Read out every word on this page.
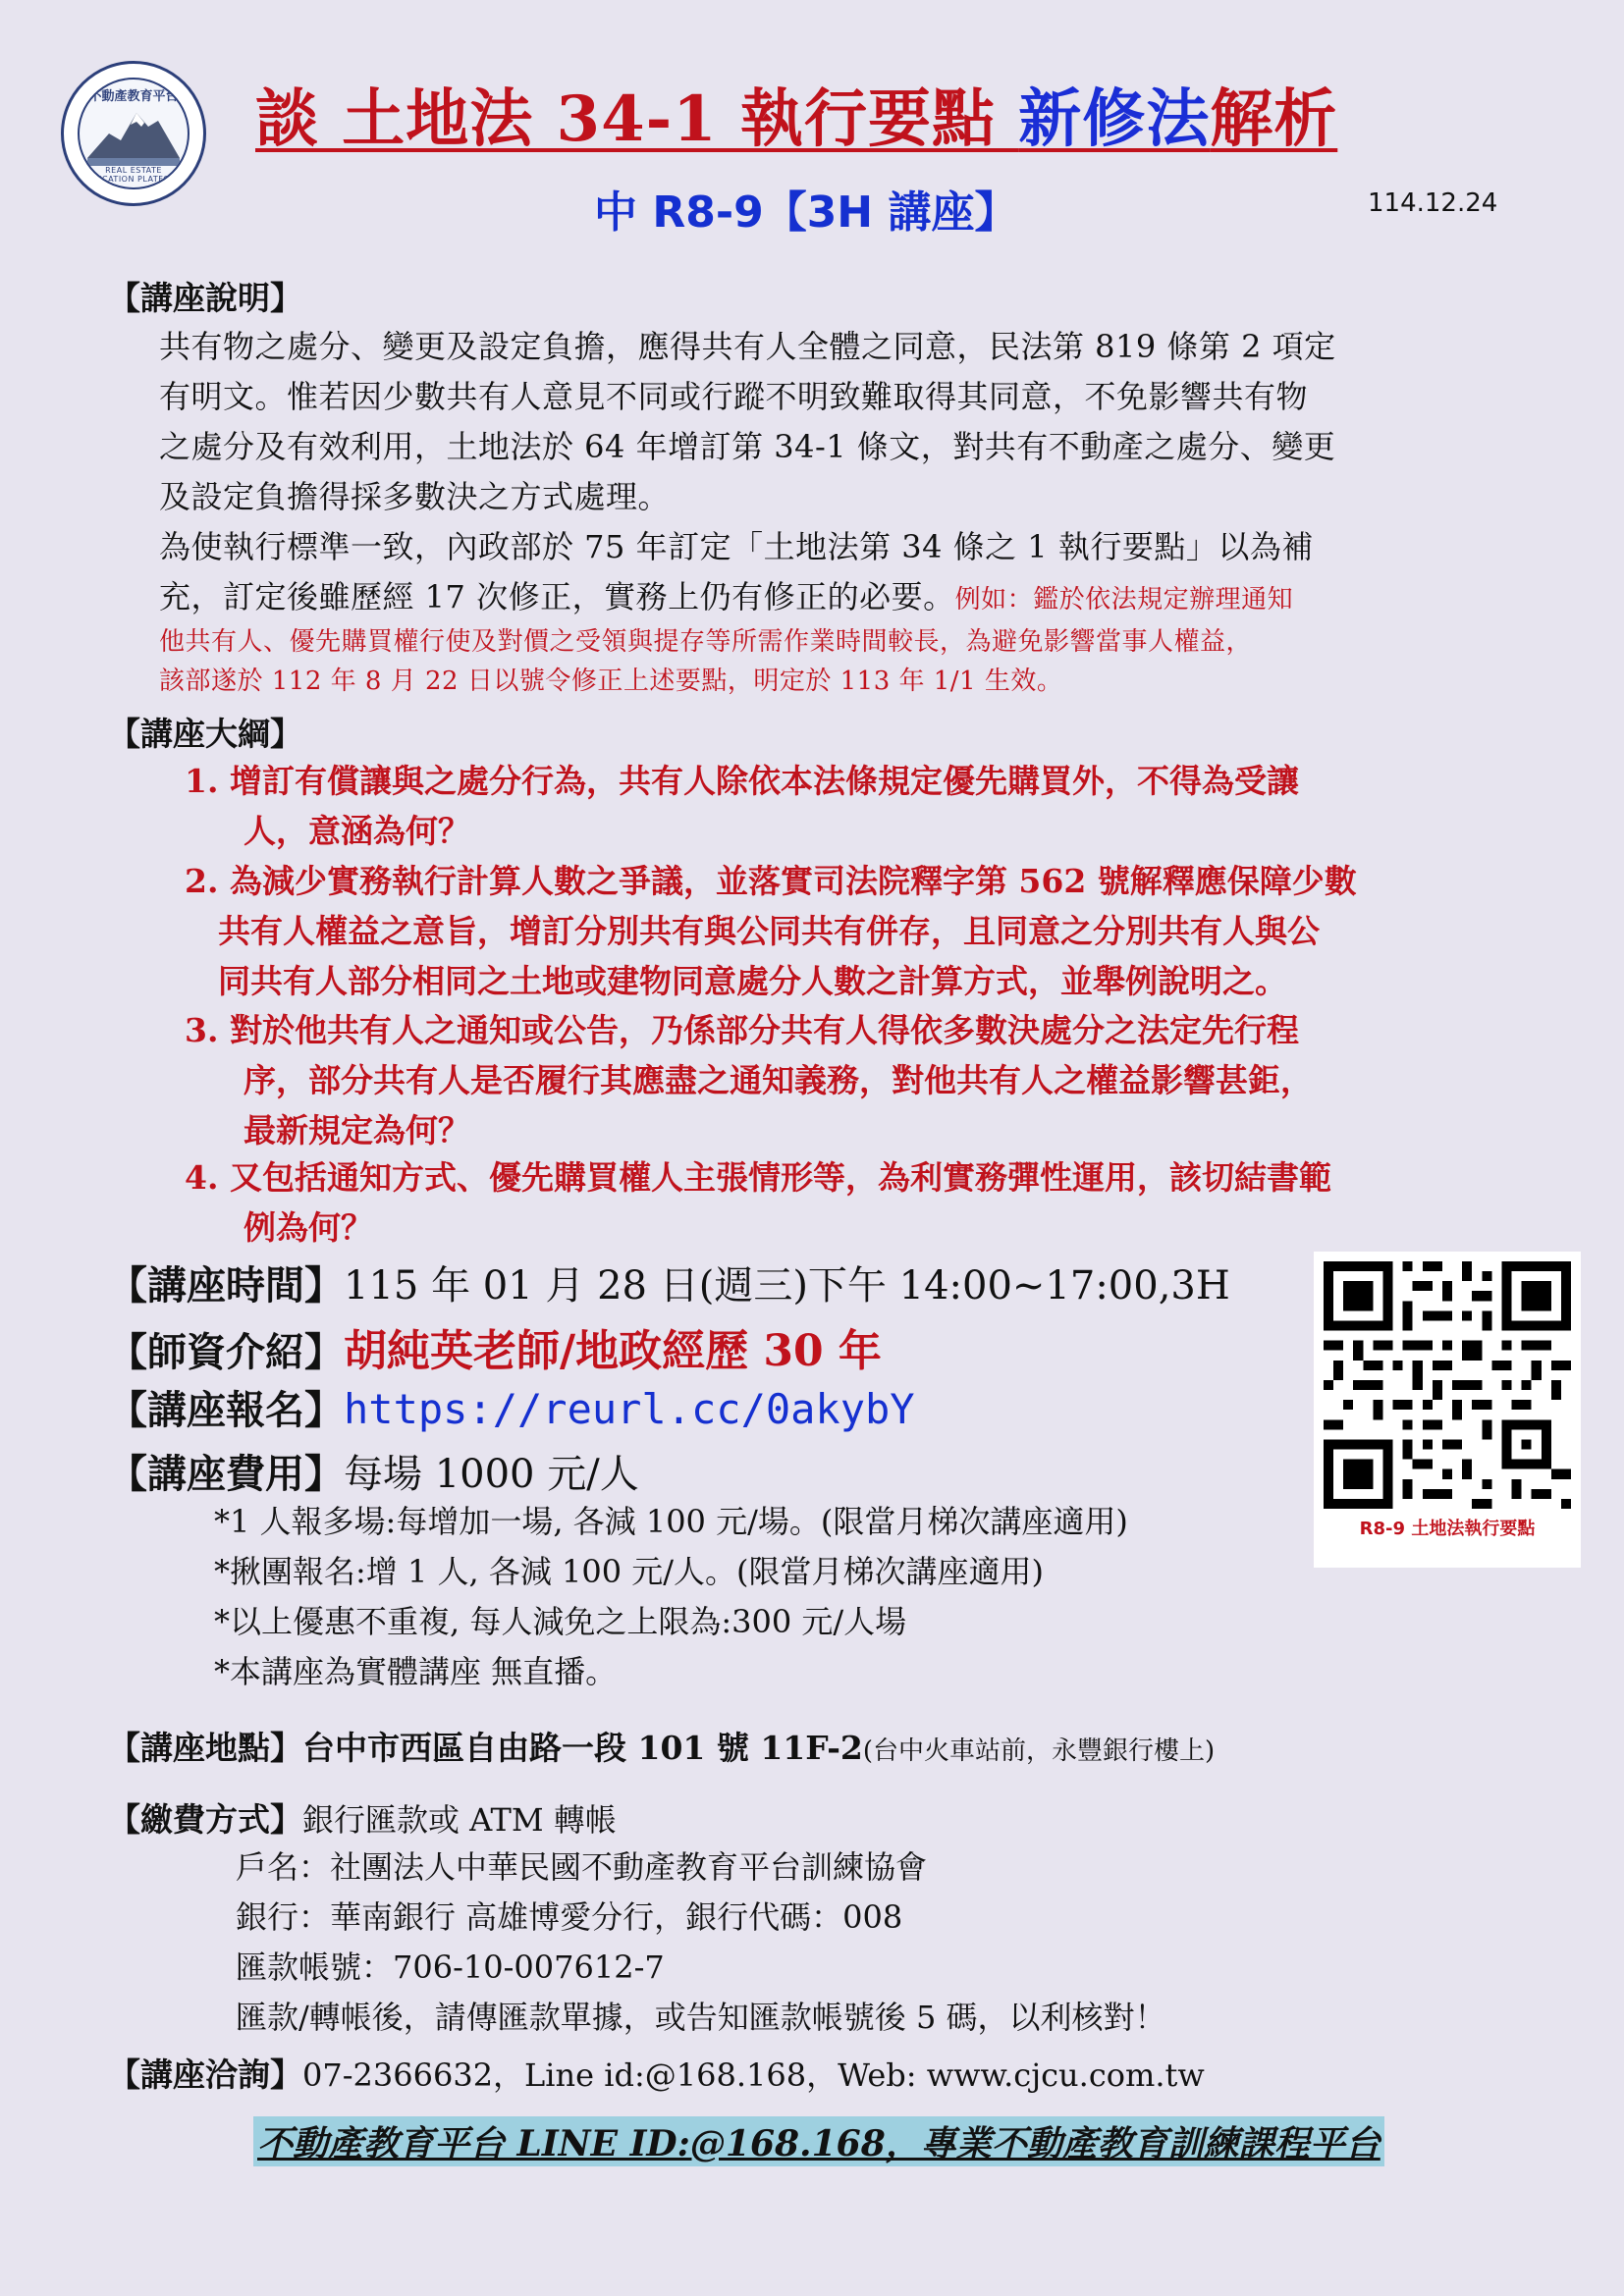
不動產教育平台
REAL ESTATE EDUCATION PLATFORM
談 土地法 34-1 執行要點 新修法解析
中 R8-9【3H 講座】	114.12.24
【講座說明】
共有物之處分、變更及設定負擔，應得共有人全體之同意，民法第 819 條第 2 項定
有明文。惟若因少數共有人意見不同或行蹤不明致難取得其同意，不免影響共有物
之處分及有效利用，土地法於 64 年增訂第 34-1 條文，對共有不動產之處分、變更
及設定負擔得採多數決之方式處理。
為使執行標準一致，內政部於 75 年訂定「土地法第 34 條之 1 執行要點」以為補
充，訂定後雖歷經 17 次修正，實務上仍有修正的必要。例如：鑑於依法規定辦理通知
他共有人、優先購買權行使及對價之受領與提存等所需作業時間較長，為避免影響當事人權益，
該部遂於 112 年 8 月 22 日以號令修正上述要點，明定於 113 年 1/1 生效。
【講座大綱】
1. 增訂有償讓與之處分行為，共有人除依本法條規定優先購買外，不得為受讓
人，意涵為何？
2. 為減少實務執行計算人數之爭議，並落實司法院釋字第 562 號解釋應保障少數
共有人權益之意旨，增訂分別共有與公同共有併存，且同意之分別共有人與公
同共有人部分相同之土地或建物同意處分人數之計算方式，並舉例說明之。
3. 對於他共有人之通知或公告，乃係部分共有人得依多數決處分之法定先行程
序，部分共有人是否履行其應盡之通知義務，對他共有人之權益影響甚鉅，
最新規定為何？
4. 又包括通知方式、優先購買權人主張情形等，為利實務彈性運用，該切結書範
例為何？
【講座時間】115 年 01 月 28 日(週三)下午 14:00~17:00,3H
【師資介紹】胡純英老師/地政經歷 30 年
【講座報名】https://reurl.cc/0akybY
【講座費用】每場 1000 元/人
*1 人報多場:每增加一場, 各減 100 元/場。(限當月梯次講座適用)
*揪團報名:增 1 人, 各減 100 元/人。(限當月梯次講座適用)
*以上優惠不重複, 每人減免之上限為:300 元/人場
*本講座為實體講座 無直播。
R8-9 土地法執行要點
【講座地點】台中市西區自由路一段 101 號 11F-2(台中火車站前，永豐銀行樓上)
【繳費方式】銀行匯款或 ATM 轉帳
戶名：社團法人中華民國不動產教育平台訓練協會
銀行：華南銀行 高雄博愛分行，銀行代碼：008
匯款帳號：706-10-007612-7
匯款/轉帳後，請傳匯款單據，或告知匯款帳號後 5 碼，以利核對！
【講座洽詢】07-2366632，Line id:@168.168，Web: www.cjcu.com.tw
不動產教育平台 LINE ID:@168.168，專業不動產教育訓練課程平台
